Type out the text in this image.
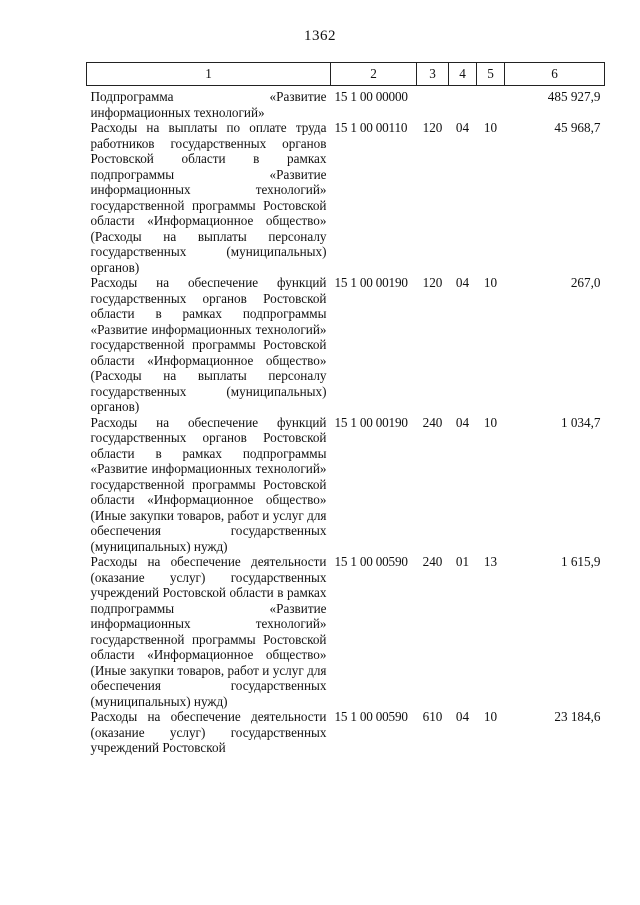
1362
1	2	3	4	5	6
Подпрограмма «Развитие информационных технологий»	15 1 00 00000				485 927,9
Расходы на выплаты по оплате труда работников государственных органов Ростовской области в рамках подпрограммы «Развитие информационных технологий» государственной программы Ростовской области «Информационное общество» (Расходы на выплаты персоналу государственных (муниципальных) органов)	15 1 00 00110	120	04	10	45 968,7
Расходы на обеспечение функций государственных органов Ростовской области в рамках подпрограммы «Развитие информационных технологий» государственной программы Ростовской области «Информационное общество» (Расходы на выплаты персоналу государственных (муниципальных) органов)	15 1 00 00190	120	04	10	267,0
Расходы на обеспечение функций государственных органов Ростовской области в рамках подпрограммы «Развитие информационных технологий» государственной программы Ростовской области «Информационное общество» (Иные закупки товаров, работ и услуг для обеспечения государственных (муниципальных) нужд)	15 1 00 00190	240	04	10	1 034,7
Расходы на обеспечение деятельности (оказание услуг) государственных учреждений Ростовской области в рамках подпрограммы «Развитие информационных технологий» государственной программы Ростовской области «Информационное общество» (Иные закупки товаров, работ и услуг для обеспечения государственных (муниципальных) нужд)	15 1 00 00590	240	01	13	1 615,9
Расходы на обеспечение деятельности (оказание услуг) государственных учреждений Ростовской	15 1 00 00590	610	04	10	23 184,6
